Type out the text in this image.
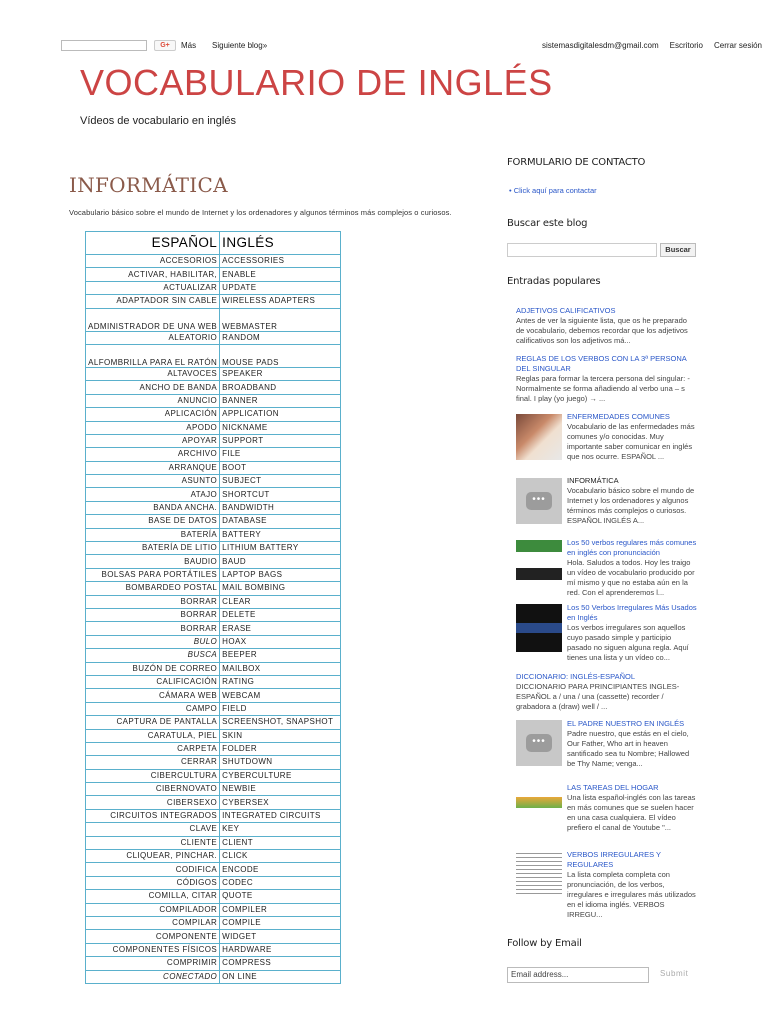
G+	Más Siguiente blog»	sistemasdigitalesdm@gmail.com Escritorio Cerrar sesión
VOCABULARIO DE INGLÉS
Vídeos de vocabulario en inglés
INFORMÁTICA
Vocabulario básico sobre el mundo de Internet y los ordenadores y algunos términos más complejos o curiosos.
ESPAÑOL	INGLÉS
ACCESORIOS	ACCESSORIES
ACTIVAR, HABILITAR,	ENABLE
ACTUALIZAR	UPDATE
ADAPTADOR SIN CABLE	WIRELESS ADAPTERS
ADMINISTRADOR DE UNA WEB	WEBMASTER
ALEATORIO	RANDOM
ALFOMBRILLA PARA EL RATÓN	MOUSE PADS
ALTAVOCES	SPEAKER
ANCHO DE BANDA	BROADBAND
ANUNCIO	BANNER
APLICACIÓN	APPLICATION
APODO	NICKNAME
APOYAR	SUPPORT
ARCHIVO	FILE
ARRANQUE	BOOT
ASUNTO	SUBJECT
ATAJO	SHORTCUT
BANDA ANCHA.	BANDWIDTH
BASE DE DATOS	DATABASE
BATERÍA	BATTERY
BATERÍA DE LITIO	LITHIUM BATTERY
BAUDIO	BAUD
BOLSAS PARA PORTÁTILES	LAPTOP BAGS
BOMBARDEO POSTAL	MAIL BOMBING
BORRAR	CLEAR
BORRAR	DELETE
BORRAR	ERASE
BULO	HOAX
BUSCA	BEEPER
BUZÓN DE CORREO	MAILBOX
CALIFICACIÓN	RATING
CÁMARA WEB	WEBCAM
CAMPO	FIELD
CAPTURA DE PANTALLA	SCREENSHOT, SNAPSHOT
CARATULA, PIEL	SKIN
CARPETA	FOLDER
CERRAR	SHUTDOWN
CIBERCULTURA	CYBERCULTURE
CIBERNOVATO	NEWBIE
CIBERSEXO	CYBERSEX
CIRCUITOS INTEGRADOS	INTEGRATED CIRCUITS
CLAVE	KEY
CLIENTE	CLIENT
CLIQUEAR, PINCHAR.	CLICK
CODIFICA	ENCODE
CÓDIGOS	CODEC
COMILLA, CITAR	QUOTE
COMPILADOR	COMPILER
COMPILAR	COMPILE
COMPONENTE	WIDGET
COMPONENTES FÍSICOS	HARDWARE
COMPRIMIR	COMPRESS
CONECTADO	ON LINE
FORMULARIO DE CONTACTO
• Click aquí para contactar
Buscar este blog
Buscar
Entradas populares
ADJETIVOS CALIFICATIVOS
Antes de ver la siguiente lista, que os he preparado de vocabulario, debemos recordar que los adjetivos calificativos son los adjetivos má...
REGLAS DE LOS VERBOS CON LA 3ª PERSONA DEL SINGULAR
Reglas para formar la tercera persona del singular: -Normalmente se forma añadiendo al verbo una – s final. I play (yo juego) → ...
ENFERMEDADES COMUNES
Vocabulario de las enfermedades más comunes y/o conocidas. Muy importante saber comunicar en inglés que nos ocurre. ESPAÑOL ...
•••
INFORMÁTICA
Vocabulario básico sobre el mundo de Internet y los ordenadores y algunos términos más complejos o curiosos. ESPAÑOL INGLÉS A...
Los 50 verbos regulares más comunes en inglés con pronunciación
Hola. Saludos a todos. Hoy les traigo un vídeo de vocabulario producido por mí mismo y que no estaba aún en la red. Con el aprenderemos l...
Los 50 Verbos Irregulares Más Usados en Inglés
Los verbos irregulares son aquellos cuyo pasado simple y participio pasado no siguen alguna regla. Aquí tienes una lista y un vídeo co...
DICCIONARIO: INGLÉS-ESPAÑOL
DICCIONARIO PARA PRINCIPIANTES INGLES-ESPAÑOL a / una / una (cassette) recorder / grabadora a (draw) well / ...
•••
EL PADRE NUESTRO EN INGLÉS
Padre nuestro, que estás en el cielo, Our Father, Who art in heaven santificado sea tu Nombre; Hallowed be Thy Name; venga...
LAS TAREAS DEL HOGAR
Una lista español-inglés con las tareas en más comunes que se suelen hacer en una casa cualquiera. El vídeo prefiero el canal de Youtube "...
VERBOS IRREGULARES Y REGULARES
La lista completa completa con pronunciación, de los verbos, irregulares e irregulares más utilizados en el idioma inglés. VERBOS IRREGU...
Follow by Email
Email address...	Submit
